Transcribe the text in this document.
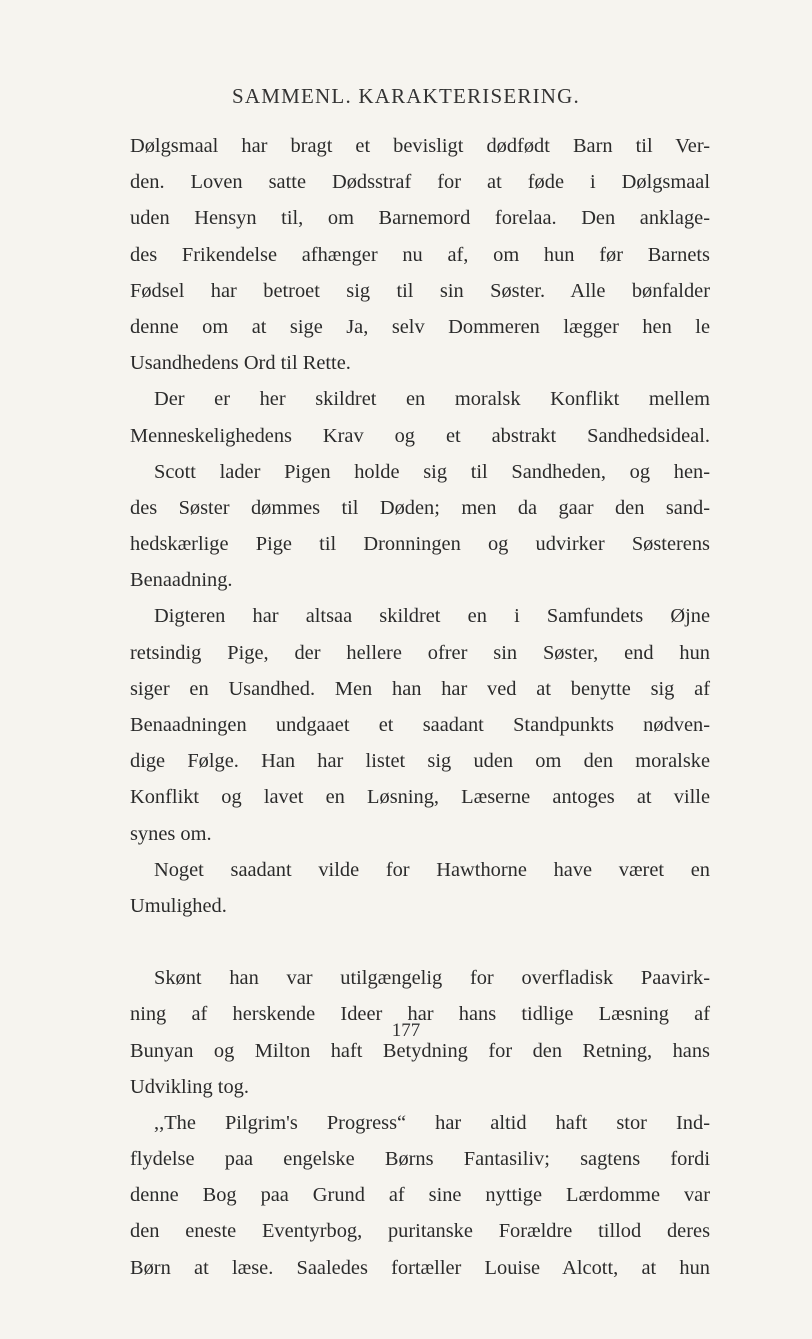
SAMMENL. KARAKTERISERING.
Dølgsmaal har bragt et bevisligt dødfødt Barn til Ver-
den. Loven satte Dødsstraf for at føde i Dølgsmaal
uden Hensyn til, om Barnemord forelaa. Den anklage-
des Frikendelse afhænger nu af, om hun før Barnets
Fødsel har betroet sig til sin Søster. Alle bønfalder
denne om at sige Ja, selv Dommeren lægger hen le
Usandhedens Ord til Rette.
Der er her skildret en moralsk Konflikt mellem
Menneskelighedens Krav og et abstrakt Sandhedsideal.
Scott lader Pigen holde sig til Sandheden, og hen-
des Søster dømmes til Døden; men da gaar den sand-
hedskærlige Pige til Dronningen og udvirker Søsterens
Benaadning.
Digteren har altsaa skildret en i Samfundets Øjne
retsindig Pige, der hellere ofrer sin Søster, end hun
siger en Usandhed. Men han har ved at benytte sig af
Benaadningen undgaaet et saadant Standpunkts nødven-
dige Følge. Han har listet sig uden om den moralske
Konflikt og lavet en Løsning, Læserne antoges at ville
synes om.
Noget saadant vilde for Hawthorne have været en
Umulighed.
Skønt han var utilgængelig for overfladisk Paavirk-
ning af herskende Ideer har hans tidlige Læsning af
Bunyan og Milton haft Betydning for den Retning, hans
Udvikling tog.
,,The Pilgrim's Progress“ har altid haft stor Ind-
flydelse paa engelske Børns Fantasiliv; sagtens fordi
denne Bog paa Grund af sine nyttige Lærdomme var
den eneste Eventyrbog, puritanske Forældre tillod deres
Børn at læse. Saaledes fortæller Louise Alcott, at hun
177
